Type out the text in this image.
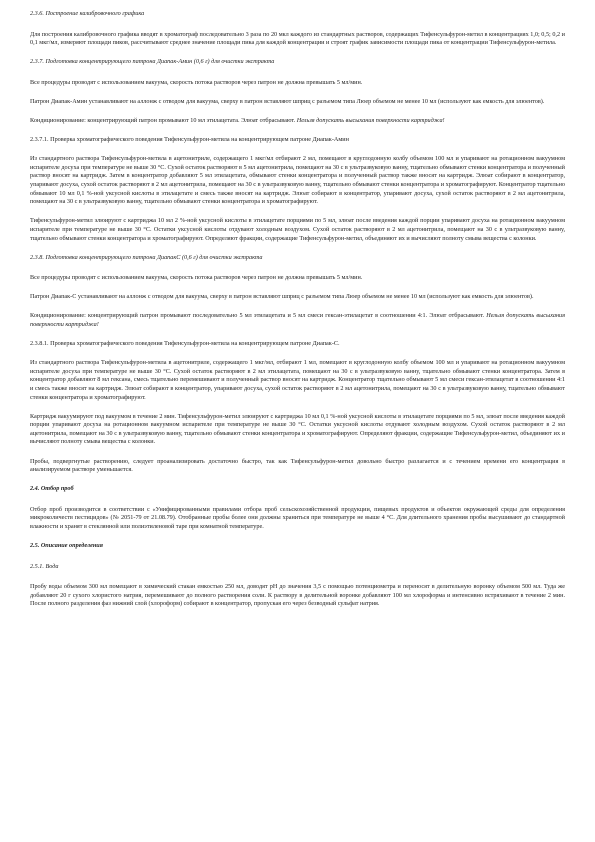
2.3.6. Построение калибровочного графика

Для построения калибровочного графика вводят в хроматограф последовательно 3 раза по 20 мкл каждого из стандартных растворов, содержащих Тифенсульфурон-метил в концентрациях 1,0; 0,5; 0,2 и 0,1 мкг/мл, измеряют площади пиков, рассчитывают среднее значение площади пика для каждой концентрации и строят график зависимости площади пика от концентрации Тифенсульфурон-метила.

2.3.7. Подготовка концентрирующего патрона Диапак-Амин (0,6 г) для очистки экстракта

Все процедуры проводят с использованием вакуума, скорость потока растворов через патрон не должна превышать 5 мл/мин.

Патрон Диапак-Амин устанавливают на аллонж с отводом для вакуума, сверху в патрон вставляют шприц с разъемом типа Люер объемом не менее 10 мл (используют как емкость для элюентов).

Кондиционирование: концентрирующий патрон промывают 10 мл этилацетата. Элюат отбрасывают. Нельзя допускать высыхания поверхности картриджа!

2.3.7.1. Проверка хроматографического поведения Тифенсульфурон-метила на концентрирующем патроне Диапак-Амин

Из стандартного раствора Тифенсульфурон-метила в ацетонитриле, содержащего 1 мкг/мл отбирают 2 мл, помещают в круглодонную колбу объемом 100 мл и упаривают на ротационном вакуумном испарителе досуха при температуре не выше 30 °С. Сухой остаток растворяют в 5 мл ацетонитрила, помещают на 30 с в ультразвуковую ванну, тщательно обмывают стенки концентратора и полученный раствор вносят на картридж. Затем в концентратор добавляют 5 мл этилацетата, обмывают стенки концентратора и полученный раствор также вносят на картридж. Элюат собирают в концентратор, упаривают досуха, сухой остаток растворяют в 2 мл ацетонитрила, помещают на 30 с в ультразвуковую ванну, тщательно обмывают стенки концентратора и хроматографируют. Концентратор тщательно обмывают 10 мл 0,1 %-ной уксусной кислоты в этилацетате и смесь также вносят на картридж. Элюат собирают в концентратор, упаривают досуха, сухой остаток растворяют в 2 мл ацетонитрила, помещают на 30 с в ультразвуковую ванну, тщательно обмывают стенки концентратора и хроматографируют.

Тифенсульфурон-метил элюируют с картриджа 10 мл 2 %-ной уксусной кислоты в этилацетате порциями по 5 мл, элюат после введения каждой порции упаривают досуха на ротационном вакуумном испарителе при температуре не выше 30 °С. Остатки уксусной кислоты отдувают холодным воздухом. Сухой остаток растворяют в 2 мл ацетонитрила, помещают на 30 с в ультразвуковую ванну, тщательно обмывают стенки концентратора и хроматографируют. Определяют фракции, содержащие Тифенсульфурон-метил, объединяют их и вычисляют полноту смыва вещества с колонки.

2.3.8. Подготовка концентрирующего патрона ДиапакС (0,6 г) для очистки экстракта

Все процедуры проводят с использованием вакуума, скорость потока растворов через патрон не должна превышать 5 мл/мин.

Патрон Диапак-С устанавливают на аллонж с отводом для вакуума, сверху в патрон вставляют шприц с разъемом типа Люер объемом не менее 10 мл (используют как емкость для элюентов).

Кондиционирование: концентрирующий патрон промывают последовательно 5 мл этилацетата и 5 мл смеси гексан-этилацетат в соотношении 4:1. Элюат отбрасывают. Нельзя допускать высыхания поверхности картриджа!

2.3.8.1. Проверка хроматографического поведения Тифенсульфурон-метила на концентрирующем патроне Диапак-С.

Из стандартного раствора Тифенсульфурон-метила в ацетонитриле, содержащего 1 мкг/мл, отбирают 1 мл, помещают в круглодонную колбу объемом 100 мл и упаривают на ротационном вакуумном испарителе досуха при температуре не выше 30 °С. Сухой остаток растворяют в 2 мл этилацетата, помещают на 30 с в ультразвуковую ванну, тщательно обмывают стенки концентратора. Затем в концентратор добавляют 8 мл гексана, смесь тщательно перемешивают и полученный раствор вносят на картридж. Концентратор тщательно обмывают 5 мл смеси гексан-этилацетат в соотношении 4:1 и смесь также вносят на картридж. Элюат собирают в концентратор, упаривают досуха, сухой остаток растворяют в 2 мл ацетонитрила, помещают на 30 с в ультразвуковую ванну, тщательно обмывают стенки концентратора и хроматографируют.

Картридж вакуумируют под вакуумом в течение 2 мин. Тифенсульфурон-метил элюируют с картриджа 10 мл 0,1 %-ной уксусной кислоты в этилацетате порциями по 5 мл, элюат после введения каждой порции упаривают досуха на ротационном вакуумном испарителе при температуре не выше 30 °С. Остатки уксусной кислоты отдувают холодным воздухом. Сухой остаток растворяют в 2 мл ацетонитрила, помещают на 30 с в ультразвуковую ванну, тщательно обмывают стенки концентратора и хроматографируют. Определяют фракции, содержащие Тифенсульфурон-метил, объединяют их и вычисляют полноту смыва вещества с колонки.

Пробы, подвергнутые растворению, следует проанализировать достаточно быстро, так как Тифенсульфурон-метил довольно быстро разлагается и с течением времени его концентрация в анализируемом растворе уменьшается.

2.4. Отбор проб

Отбор проб производится в соответствии с «Унифицированными правилами отбора проб сельскохозяйственной продукции, пищевых продуктов и объектов окружающей среды для определения микроколичеств пестицидов» (№ 2051-79 от 21.08.79). Отобранные пробы более они должны храниться при температуре не выше 4 °С. Для длительного хранения пробы высушивают до стандартной влажности и хранят в стеклянной или полиэтиленовой таре при комнатной температуре.

2.5. Описание определения

2.5.1. Вода

Пробу воды объемом 300 мл помещают в химический стакан емкостью 250 мл, доводят рН до значения 3,5 с помощью потенциометра и переносят в делительную воронку объемом 500 мл. Туда же добавляют 20 г сухого хлористого натрия, перемешивают до полного растворения соли. К раствору в делительной воронке добавляют 100 мл хлороформа и интенсивно встряхивают в течение 2 мин. После полного разделения фаз нижний слой (хлороформ) собирают в концентратор, пропуская его через безводный сульфат натрия.
